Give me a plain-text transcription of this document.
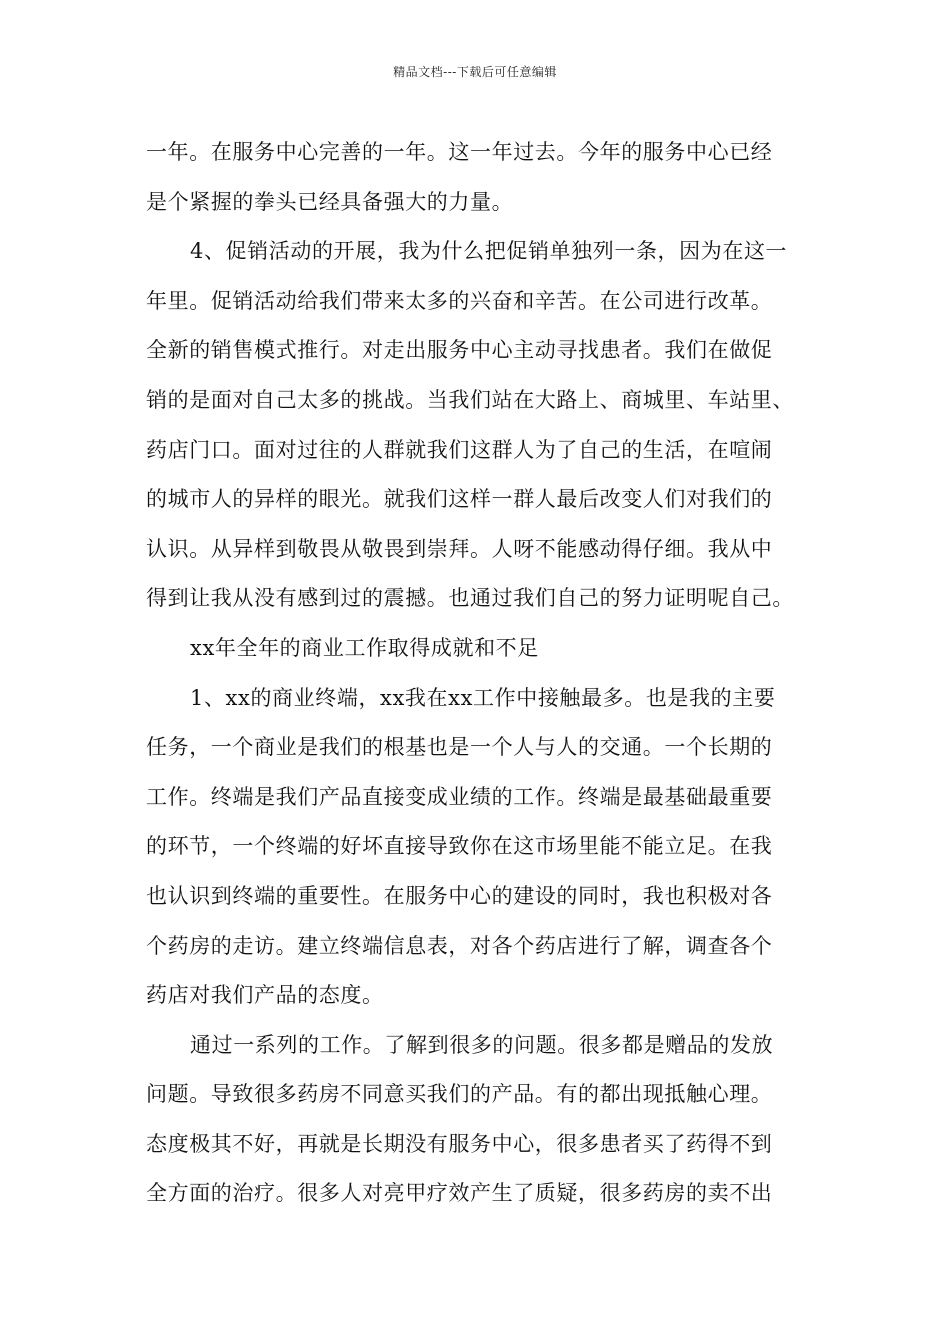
精品文档---下载后可任意编辑
一年。在服务中心完善的一年。这一年过去。今年的服务中心已经
是个紧握的拳头已经具备强大的力量。
4、促销活动的开展，我为什么把促销单独列一条，因为在这一
年里。促销活动给我们带来太多的兴奋和辛苦。在公司进行改革。
全新的销售模式推行。对走出服务中心主动寻找患者。我们在做促
销的是面对自己太多的挑战。当我们站在大路上、商城里、车站里、
药店门口。面对过往的人群就我们这群人为了自己的生活，在喧闹
的城市人的异样的眼光。就我们这样一群人最后改变人们对我们的
认识。从异样到敬畏从敬畏到崇拜。人呀不能感动得仔细。我从中
得到让我从没有感到过的震撼。也通过我们自己的努力证明呢自己。
xx年全年的商业工作取得成就和不足
1、xx的商业终端，xx我在xx工作中接触最多。也是我的主要
任务，一个商业是我们的根基也是一个人与人的交通。一个长期的
工作。终端是我们产品直接变成业绩的工作。终端是最基础最重要
的环节，一个终端的好坏直接导致你在这市场里能不能立足。在我
也认识到终端的重要性。在服务中心的建设的同时，我也积极对各
个药房的走访。建立终端信息表，对各个药店进行了解，调查各个
药店对我们产品的态度。
通过一系列的工作。了解到很多的问题。很多都是赠品的发放
问题。导致很多药房不同意买我们的产品。有的都出现抵触心理。
态度极其不好，再就是长期没有服务中心，很多患者买了药得不到
全方面的治疗。很多人对亮甲疗效产生了质疑，很多药房的卖不出
